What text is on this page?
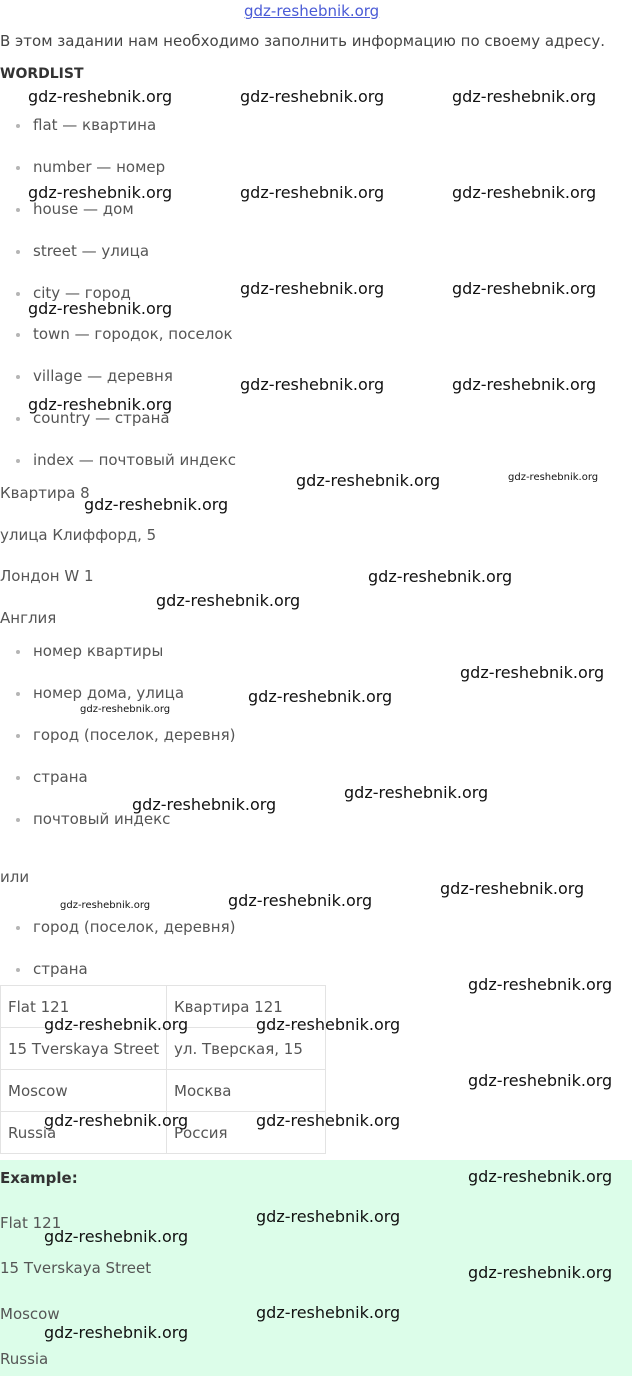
gdz-reshebnik.org
В этом задании нам необходимо заполнить информацию по своему адресу.
WORDLIST
flat — квартина
number — номер
house — дом
street — улица
city — город
town — городок, поселок
village — деревня
country — страна
index — почтовый индекс
Квартира 8
улица Клиффорд, 5
Лондон W 1
Англия
номер квартиры
номер дома, улица
город (поселок, деревня)
страна
почтовый индекс
или
город (поселок, деревня)
страна
Flat 121	Квартира 121
15 Tverskaya Street	ул. Тверская, 15
Moscow	Москва
Russia	Россия
Example:
Flat 121
15 Tverskaya Street
Moscow
Russia
gdz-reshebnik.org	gdz-reshebnik.org	gdz-reshebnik.org
gdz-reshebnik.org	gdz-reshebnik.org	gdz-reshebnik.org
gdz-reshebnik.org	gdz-reshebnik.org
gdz-reshebnik.org
gdz-reshebnik.org	gdz-reshebnik.org
gdz-reshebnik.org
gdz-reshebnik.org	gdz-reshebnik.org
gdz-reshebnik.org
gdz-reshebnik.org
gdz-reshebnik.org
gdz-reshebnik.org
gdz-reshebnik.org
gdz-reshebnik.org
gdz-reshebnik.org
gdz-reshebnik.org
gdz-reshebnik.org
gdz-reshebnik.org
gdz-reshebnik.org
gdz-reshebnik.org
gdz-reshebnik.org	gdz-reshebnik.org
gdz-reshebnik.org
gdz-reshebnik.org	gdz-reshebnik.org
gdz-reshebnik.org
gdz-reshebnik.org
gdz-reshebnik.org
gdz-reshebnik.org
gdz-reshebnik.org
gdz-reshebnik.org
